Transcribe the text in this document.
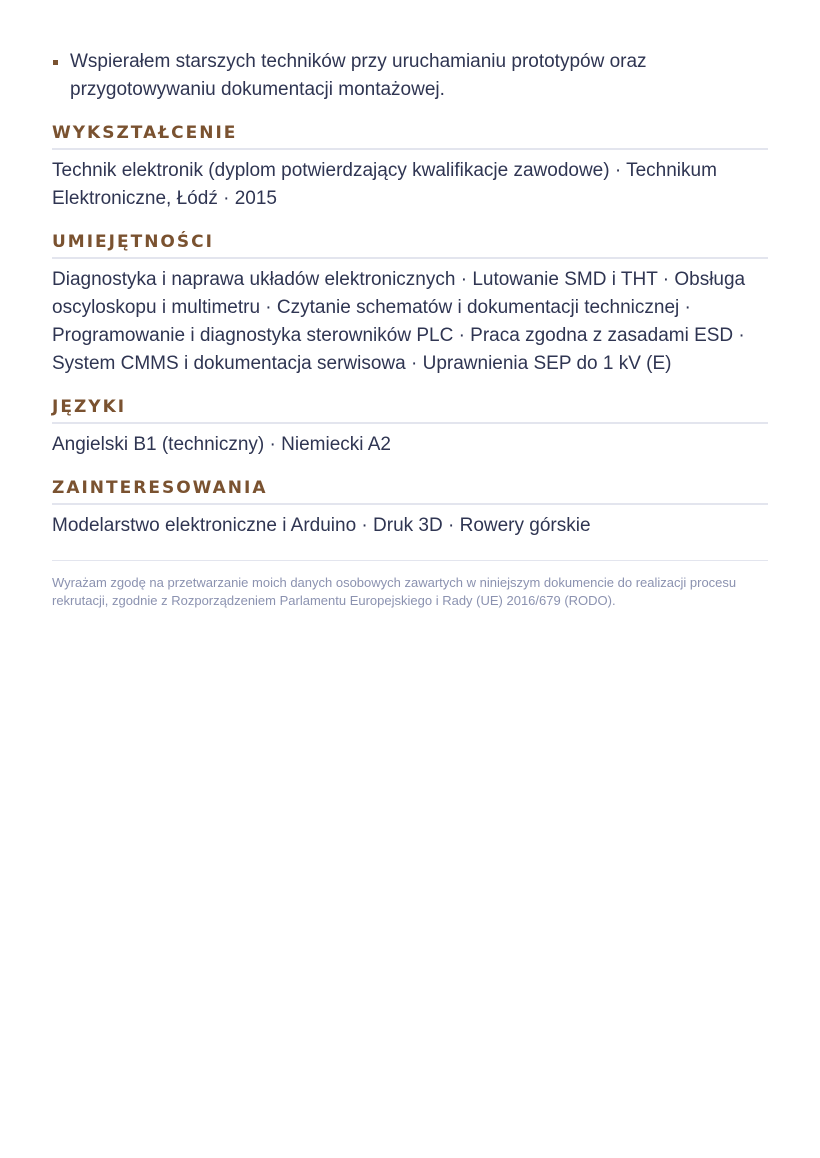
Wspierałem starszych techników przy uruchamianiu prototypów oraz przygotowywaniu dokumentacji montażowej.
WYKSZTAŁCENIE
Technik elektronik (dyplom potwierdzający kwalifikacje zawodowe) · Technikum Elektroniczne, Łódź · 2015
UMIEJĘTNOŚCI
Diagnostyka i naprawa układów elektronicznych · Lutowanie SMD i THT · Obsługa oscyloskopu i multimetru · Czytanie schematów i dokumentacji technicznej · Programowanie i diagnostyka sterowników PLC · Praca zgodna z zasadami ESD · System CMMS i dokumentacja serwisowa · Uprawnienia SEP do 1 kV (E)
JĘZYKI
Angielski B1 (techniczny) · Niemiecki A2
ZAINTERESOWANIA
Modelarstwo elektroniczne i Arduino · Druk 3D · Rowery górskie
Wyrażam zgodę na przetwarzanie moich danych osobowych zawartych w niniejszym dokumencie do realizacji procesu rekrutacji, zgodnie z Rozporządzeniem Parlamentu Europejskiego i Rady (UE) 2016/679 (RODO).
